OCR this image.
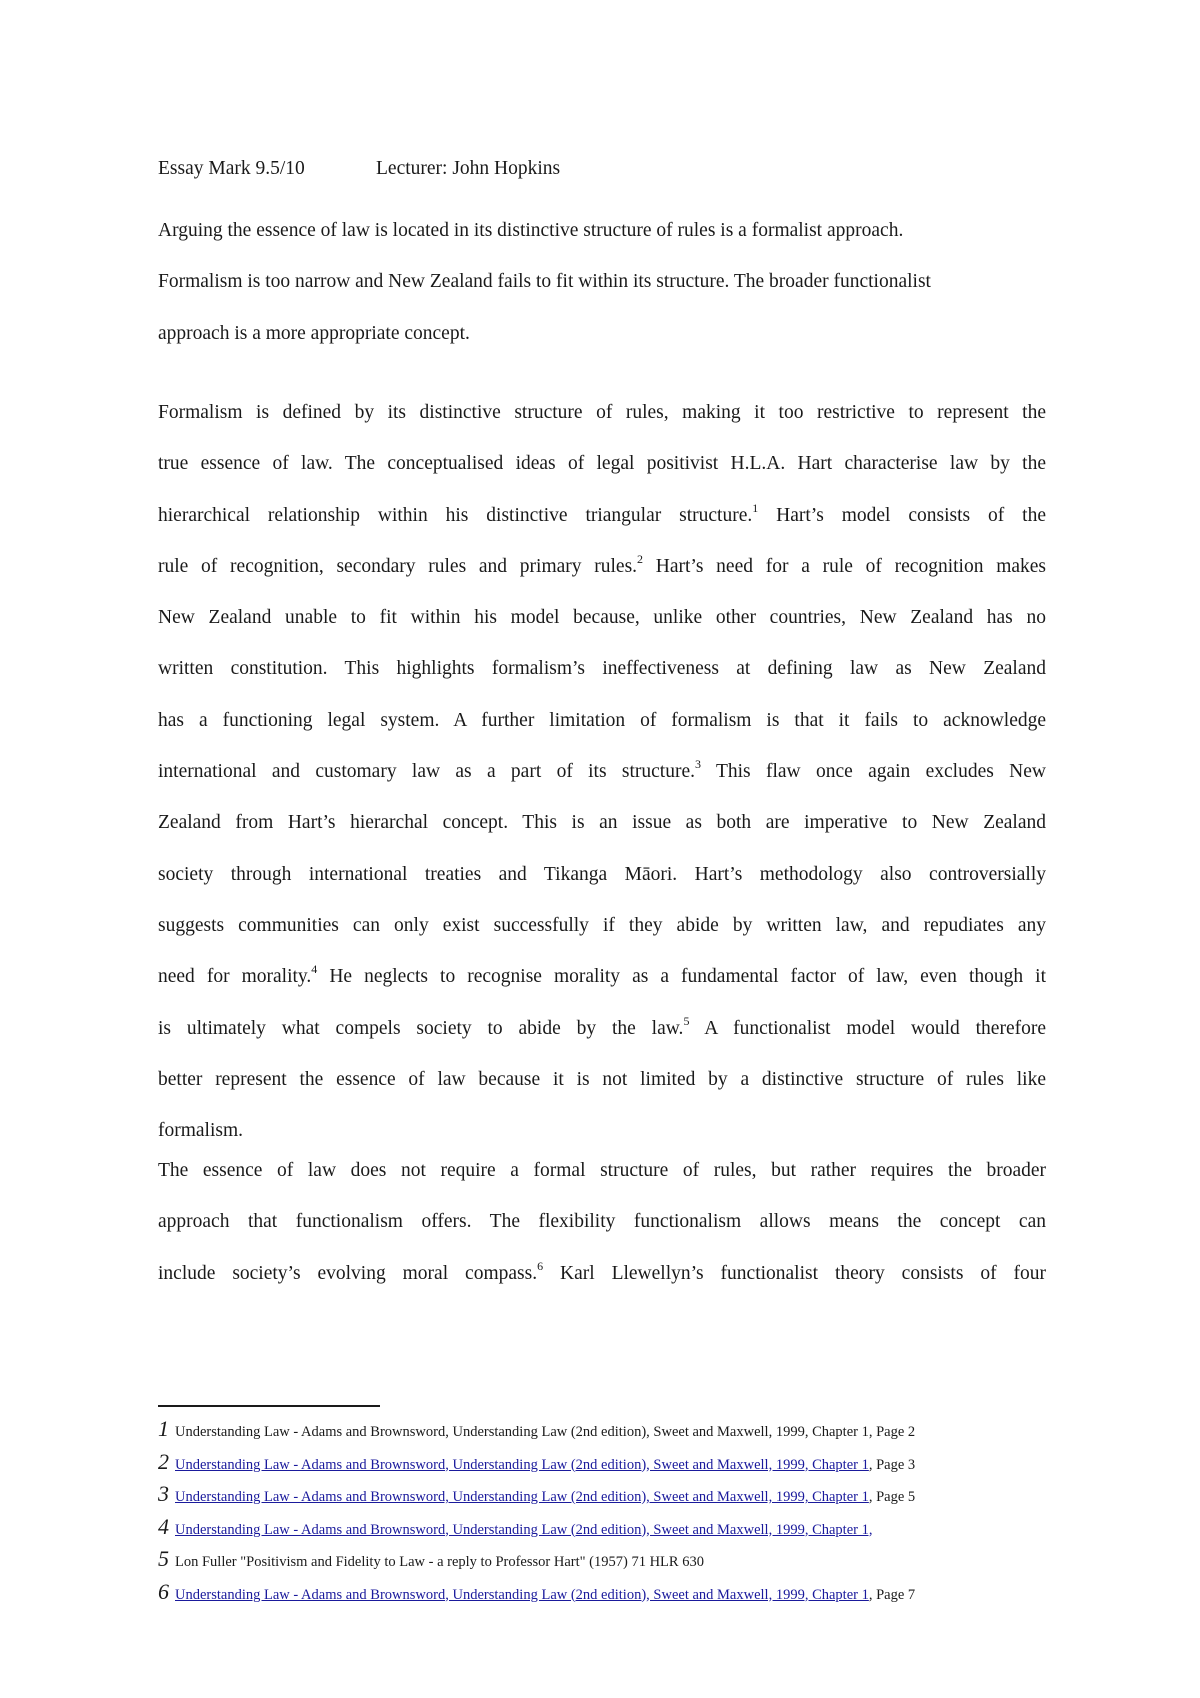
Essay Mark 9.5/10	Lecturer: John Hopkins
Arguing the essence of law is located in its distinctive structure of rules is a formalist approach.
Formalism is too narrow and New Zealand fails to fit within its structure. The broader functionalist
approach is a more appropriate concept.
Formalism is defined by its distinctive structure of rules, making it too restrictive to represent the
true essence of law. The conceptualised ideas of legal positivist H.L.A. Hart characterise law by the
hierarchical relationship within his distinctive triangular structure.$^1$ Hart’s model consists of the
rule of recognition, secondary rules and primary rules.$^2$ Hart’s need for a rule of recognition makes
New Zealand unable to fit within his model because, unlike other countries, New Zealand has no
written constitution. This highlights formalism’s ineffectiveness at defining law as New Zealand
has a functioning legal system. A further limitation of formalism is that it fails to acknowledge
international and customary law as a part of its structure.$^3$ This flaw once again excludes New
Zealand from Hart’s hierarchal concept. This is an issue as both are imperative to New Zealand
society through international treaties and Tikanga Māori. Hart’s methodology also controversially
suggests communities can only exist successfully if they abide by written law, and repudiates any
need for morality.$^4$ He neglects to recognise morality as a fundamental factor of law, even though it
is ultimately what compels society to abide by the law.$^5$ A functionalist model would therefore
better represent the essence of law because it is not limited by a distinctive structure of rules like
formalism.
The essence of law does not require a formal structure of rules, but rather requires the broader
approach that functionalism offers. The flexibility functionalism allows means the concept can
include society’s evolving moral compass.$^6$ Karl Llewellyn’s functionalist theory consists of four
1 Understanding Law - Adams and Brownsword, Understanding Law (2nd edition), Sweet and Maxwell, 1999, Chapter 1, Page 2
2 Understanding Law - Adams and Brownsword, Understanding Law (2nd edition), Sweet and Maxwell, 1999, Chapter 1, Page 3
3 Understanding Law - Adams and Brownsword, Understanding Law (2nd edition), Sweet and Maxwell, 1999, Chapter 1, Page 5
4 Understanding Law - Adams and Brownsword, Understanding Law (2nd edition), Sweet and Maxwell, 1999, Chapter 1,
5 Lon Fuller "Positivism and Fidelity to Law - a reply to Professor Hart" (1957) 71 HLR 630
6 Understanding Law - Adams and Brownsword, Understanding Law (2nd edition), Sweet and Maxwell, 1999, Chapter 1, Page 7
